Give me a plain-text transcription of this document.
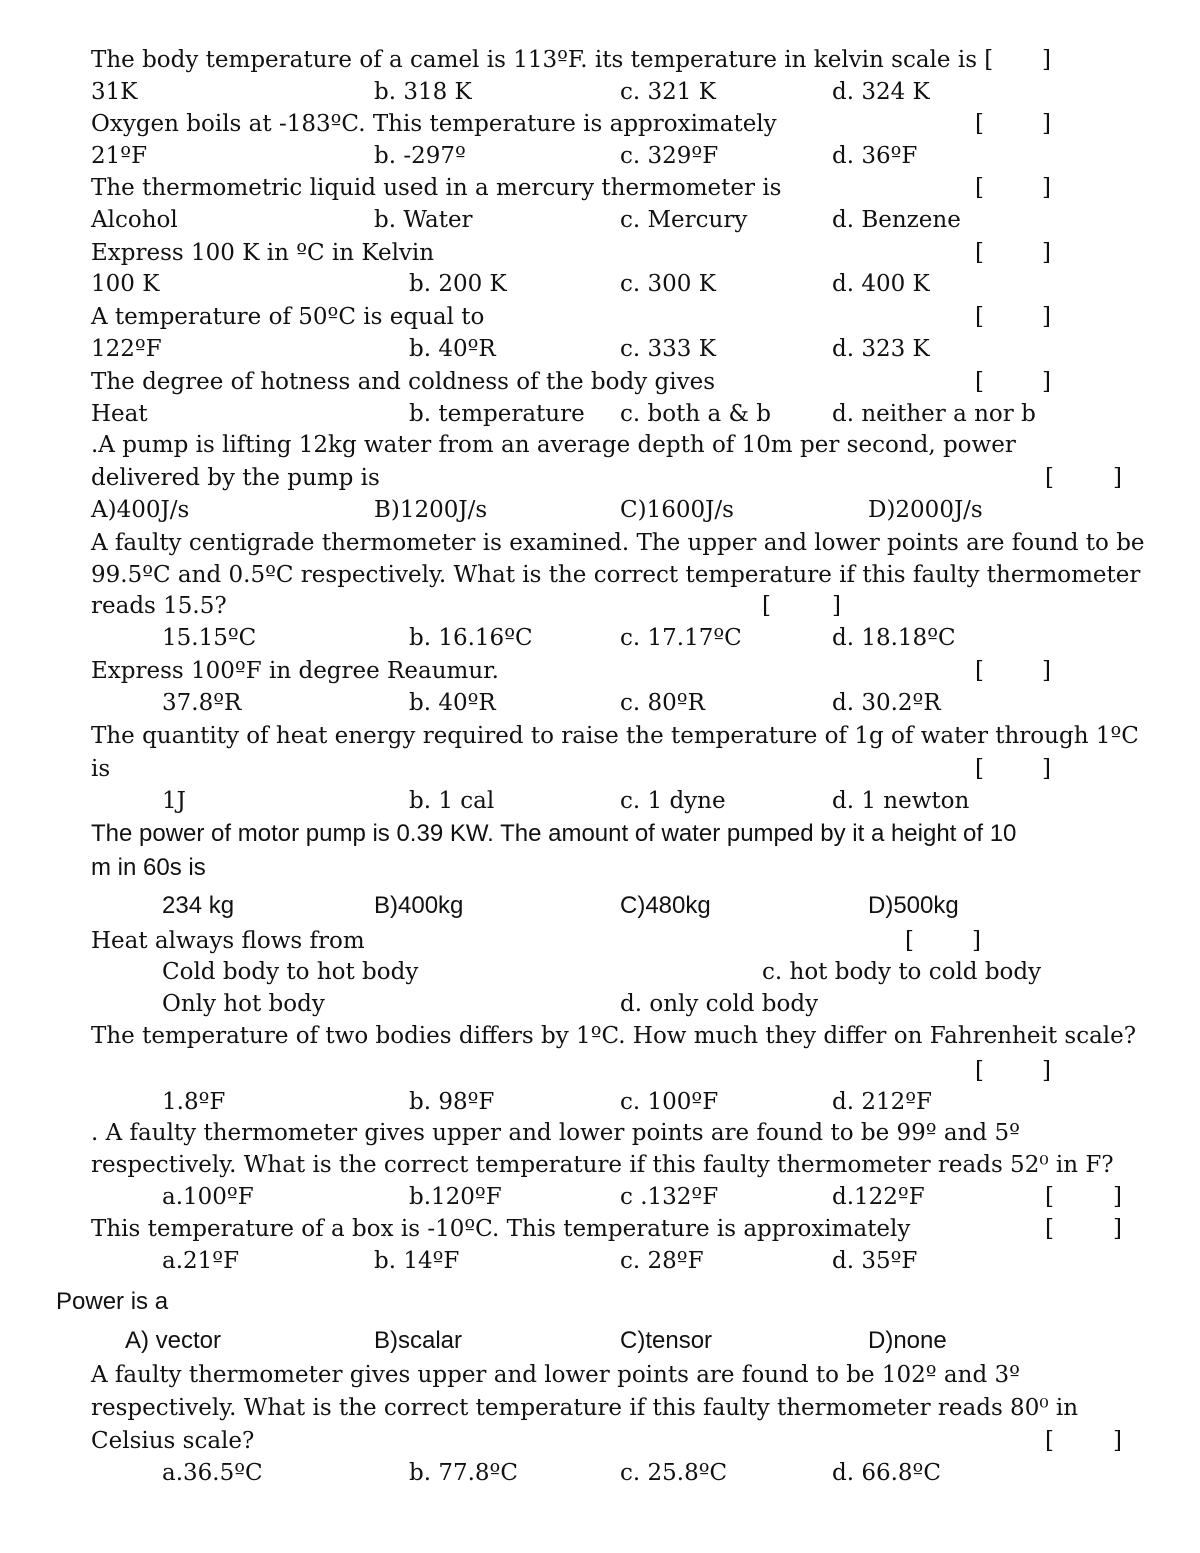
The body temperature of a camel is 113ºF. its temperature in kelvin scale is [ ]
31K	b. 318 K	c. 321 K	d. 324 K
Oxygen boils at -183ºC. This temperature is approximately	[	]
21ºF	b. -297º	c. 329ºF	d. 36ºF
The thermometric liquid used in a mercury thermometer is	[	]
Alcohol	b. Water	c. Mercury	d. Benzene
Express 100 K in ºC in Kelvin	[	]
100 K	b. 200 K	c. 300 K	d. 400 K
A temperature of 50ºC is equal to	[	]
122ºF	b. 40ºR	c. 333 K	d. 323 K
The degree of hotness and coldness of the body gives	[	]
Heat	b. temperature c. both a & b	d. neither a nor b
.A pump is lifting 12kg water from an average depth of 10m per second, power
delivered by the pump is	[	]
A)400J/s	B)1200J/s	C)1600J/s	D)2000J/s
A faulty centigrade thermometer is examined. The upper and lower points are found to be
99.5ºC and 0.5ºC respectively. What is the correct temperature if this faulty thermometer
reads 15.5?	[	]
15.15ºC	b. 16.16ºC	c. 17.17ºC	d. 18.18ºC
Express 100ºF in degree Reaumur.	[	]
37.8ºR	b. 40ºR	c. 80ºR	d. 30.2ºR
The quantity of heat energy required to raise the temperature of 1g of water through 1ºC
is	[	]
1J	b. 1 cal	c. 1 dyne	d. 1 newton
The power of motor pump is 0.39 KW. The amount of water pumped by it a height of 10
m in 60s is
234 kg	B)400kg	C)480kg	D)500kg
Heat always flows from	[	]
Cold body to hot body	c. hot body to cold body
Only hot body	d. only cold body
The temperature of two bodies differs by 1ºC. How much they differ on Fahrenheit scale?
[	]
1.8ºF	b. 98ºF	c. 100ºF	d. 212ºF
. A faulty thermometer gives upper and lower points are found to be 99º and 5º
respectively. What is the correct temperature if this faulty thermometer reads 52⁰ in F?
a.100ºF	b.120ºF	c .132ºF	d.122ºF	[	]
This temperature of a box is -10ºC. This temperature is approximately	[	]
a.21ºF	b. 14ºF	c. 28ºF	d. 35ºF
Power is a
A) vector	B)scalar	C)tensor	D)none
A faulty thermometer gives upper and lower points are found to be 102º and 3º
respectively. What is the correct temperature if this faulty thermometer reads 80⁰ in
Celsius scale?	[	]
a.36.5ºC	b. 77.8ºC	c. 25.8ºC	d. 66.8ºC
